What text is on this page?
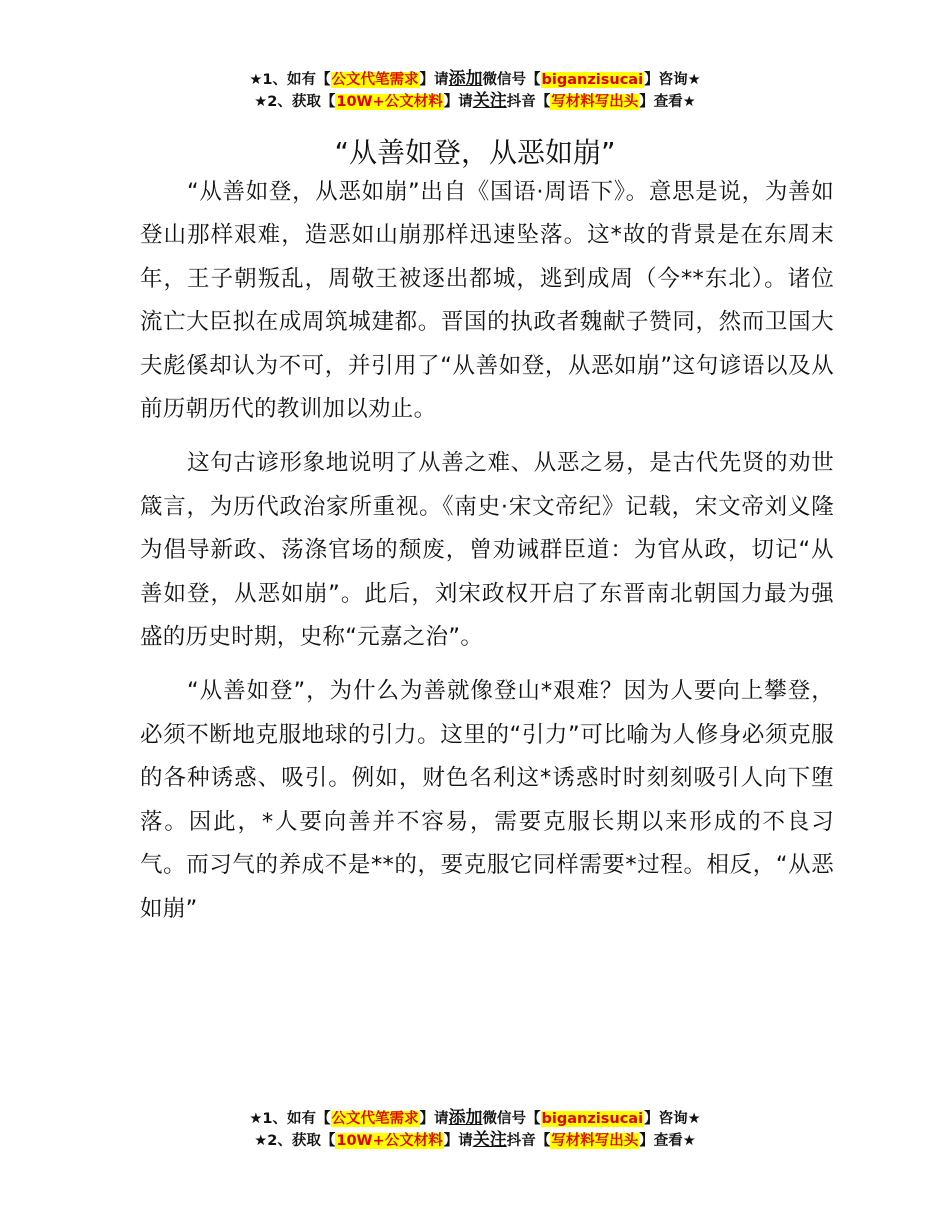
★1、如有【公文代笔需求】请添加微信号【biganzisucai】咨询★
★2、获取【10W+公文材料】请关注抖音【写材料写出头】查看★
“从善如登，从恶如崩”

“从善如登，从恶如崩”出自《国语·周语下》。意思是说，为善如登山那样艰难，造恶如山崩那样迅速坠落。这*故的背景是在东周末年，王子朝叛乱，周敬王被逐出都城，逃到成周（今**东北）。诸位流亡大臣拟在成周筑城建都。晋国的执政者魏献子赞同，然而卫国大夫彪傒却认为不可，并引用了“从善如登，从恶如崩”这句谚语以及从前历朝历代的教训加以劝止。

这句古谚形象地说明了从善之难、从恶之易，是古代先贤的劝世箴言，为历代政治家所重视。《南史·宋文帝纪》记载，宋文帝刘义隆为倡导新政、荡涤官场的颓废，曾劝诫群臣道：为官从政，切记“从善如登，从恶如崩”。此后，刘宋政权开启了东晋南北朝国力最为强盛的历史时期，史称“元嘉之治”。

“从善如登”，为什么为善就像登山*艰难？因为人要向上攀登，必须不断地克服地球的引力。这里的“引力”可比喻为人修身必须克服的各种诱惑、吸引。例如，财色名利这*诱惑时时刻刻吸引人向下堕落。因此，*人要向善并不容易，需要克服长期以来形成的不良习气。而习气的养成不是**的，要克服它同样需要*过程。相反，“从恶如崩”

★1、如有【公文代笔需求】请添加微信号【biganzisucai】咨询★
★2、获取【10W+公文材料】请关注抖音【写材料写出头】查看★
